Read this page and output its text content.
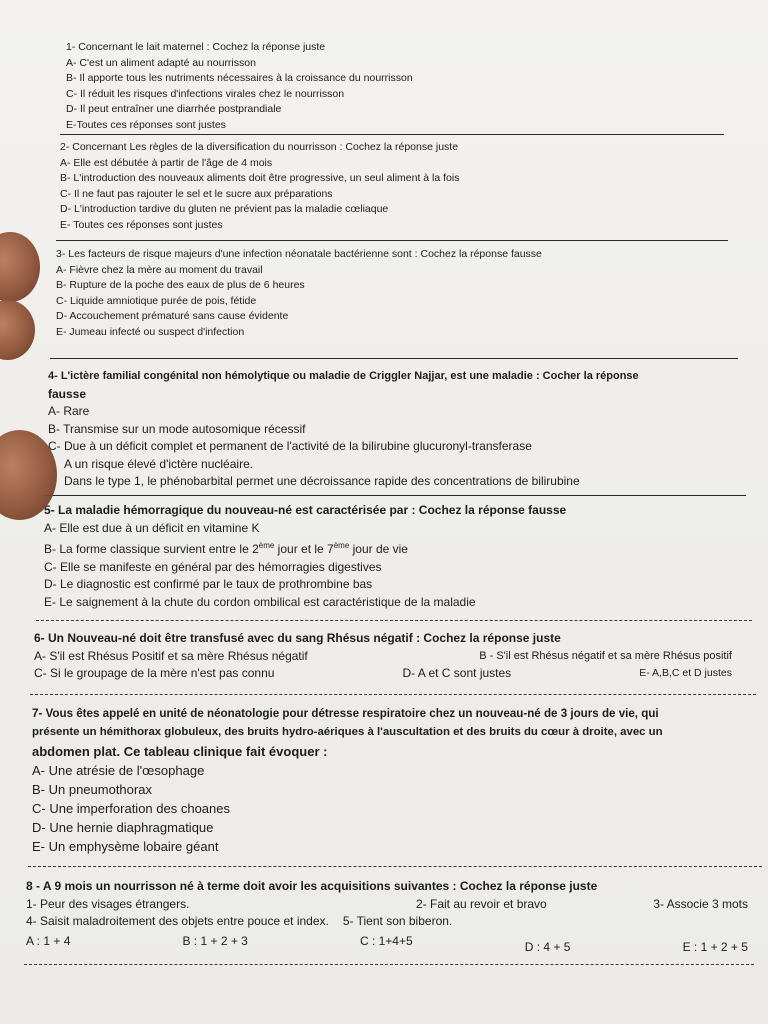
1- Concernant le lait maternel : Cochez la réponse juste

A- C'est un aliment adapté au nourrisson

B- Il apporte tous les nutriments nécessaires à la croissance du nourrisson

C- Il réduit les risques d'infections virales chez le nourrisson

D- Il peut entraîner une diarrhée postprandiale

E-Toutes ces réponses sont justes

2- Concernant Les règles de la diversification du nourrisson : Cochez la réponse juste

A- Elle est débutée à partir de l'âge de 4 mois

B- L'introduction des nouveaux aliments doit être progressive, un seul aliment à la fois

C- Il ne faut pas rajouter le sel et le sucre aux préparations

D- L'introduction tardive du gluten ne prévient pas la maladie cœliaque

E- Toutes ces réponses sont justes

3- Les facteurs de risque majeurs d'une infection néonatale bactérienne sont : Cochez la réponse fausse

A- Fièvre chez la mère au moment du travail

B- Rupture de la poche des eaux de plus de 6 heures

C- Liquide amniotique purée de pois, fétide

D- Accouchement prématuré sans cause évidente

E- Jumeau infecté ou suspect d'infection

4- L'ictère familial congénital non hémolytique ou maladie de Criggler Najjar, est une maladie : Cocher la réponse

fausse

A- Rare

B- Transmise sur un mode autosomique récessif

C- Due à un déficit complet et permanent de l'activité de la bilirubine glucuronyl-transferase

A un risque élevé d'ictère nucléaire.

Dans le type 1, le phénobarbital permet une décroissance rapide des concentrations de bilirubine

5- La maladie hémorragique du nouveau-né est caractérisée par : Cochez la réponse fausse

A- Elle est due à un déficit en vitamine K

B- La forme classique survient entre le 2ème jour et le 7ème jour de vie

C- Elle se manifeste en général par des hémorragies digestives

D- Le diagnostic est confirmé par le taux de prothrombine bas

E- Le saignement à la chute du cordon ombilical est caractéristique de la maladie

6- Un Nouveau-né doit être transfusé avec du sang Rhésus négatif : Cochez la réponse juste

A- S'il est Rhésus Positif et sa mère Rhésus négatif	B - S'il est Rhésus négatif et sa mère Rhésus positif
C- Si le groupage de la mère n'est pas connu	D- A et C sont justes	E- A,B,C et D justes

7- Vous êtes appelé en unité de néonatologie pour détresse respiratoire chez un nouveau-né de 3 jours de vie, qui

présente un hémithorax globuleux, des bruits hydro-aériques à l'auscultation et des bruits du cœur à droite, avec un

abdomen plat. Ce tableau clinique fait évoquer :

A- Une atrésie de l'œsophage

B- Un pneumothorax

C- Une imperforation des choanes

D- Une hernie diaphragmatique

E- Un emphysème lobaire géant

8 - A 9 mois un nourrisson né à terme doit avoir les acquisitions suivantes : Cochez la réponse juste

1- Peur des visages étrangers.	2- Fait au revoir et bravo	3- Associe 3 mots
4- Saisit maladroitement des objets entre pouce et index. 5- Tient son biberon.
A : 1 + 4	B : 1 + 2 + 3	C : 1+4+5	D : 4 + 5	E : 1 + 2 + 5
